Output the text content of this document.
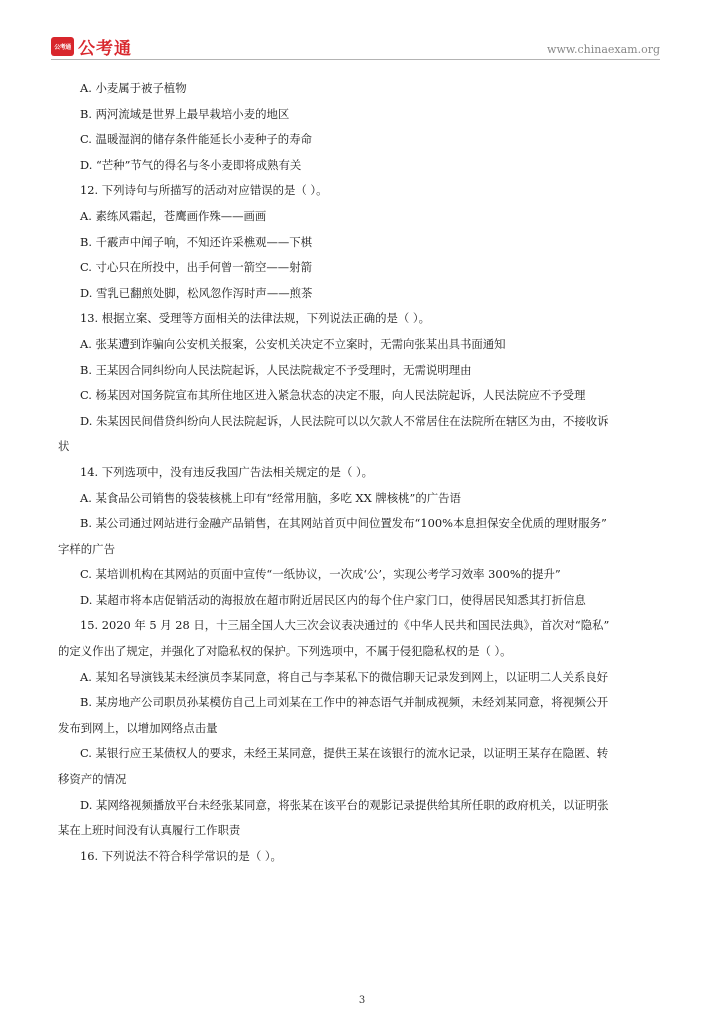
公考通 公考通	www.chinaexam.org

A. 小麦属于被子植物

B. 两河流域是世界上最早栽培小麦的地区

C. 温暖湿润的储存条件能延长小麦种子的寿命

D. “芒种”节气的得名与冬小麦即将成熟有关

12. 下列诗句与所描写的活动对应错误的是（ ）。

A. 素练风霜起，苍鹰画作殊——画画

B. 千霰声中闻子响，不知还许采樵观——下棋

C. 寸心只在所投中，出手何曾一箭空——射箭

D. 雪乳已翻煎处脚，松风忽作泻时声——煎茶

13. 根据立案、受理等方面相关的法律法规，下列说法正确的是（ ）。

A. 张某遭到诈骗向公安机关报案，公安机关决定不立案时，无需向张某出具书面通知

B. 王某因合同纠纷向人民法院起诉，人民法院裁定不予受理时，无需说明理由

C. 杨某因对国务院宣布其所住地区进入紧急状态的决定不服，向人民法院起诉，人民法院应不予受理

D. 朱某因民间借贷纠纷向人民法院起诉，人民法院可以以欠款人不常居住在法院所在辖区为由，不接收诉

状

14. 下列选项中，没有违反我国广告法相关规定的是（ ）。

A. 某食品公司销售的袋装核桃上印有“经常用脑，多吃 XX 牌核桃”的广告语

B. 某公司通过网站进行金融产品销售，在其网站首页中间位置发布“100%本息担保安全优质的理财服务”

字样的广告

C. 某培训机构在其网站的页面中宣传“一纸协议，一次成‘公’，实现公考学习效率 300%的提升”

D. 某超市将本店促销活动的海报放在超市附近居民区内的每个住户家门口，使得居民知悉其打折信息

15. 2020 年 5 月 28 日，十三届全国人大三次会议表决通过的《中华人民共和国民法典》，首次对“隐私”

的定义作出了规定，并强化了对隐私权的保护。下列选项中，不属于侵犯隐私权的是（ ）。

A. 某知名导演钱某未经演员李某同意，将自己与李某私下的微信聊天记录发到网上，以证明二人关系良好

B. 某房地产公司职员孙某模仿自己上司刘某在工作中的神态语气并制成视频，未经刘某同意，将视频公开

发布到网上，以增加网络点击量

C. 某银行应王某债权人的要求，未经王某同意，提供王某在该银行的流水记录，以证明王某存在隐匿、转

移资产的情况

D. 某网络视频播放平台未经张某同意，将张某在该平台的观影记录提供给其所任职的政府机关，以证明张

某在上班时间没有认真履行工作职责

16. 下列说法不符合科学常识的是（ ）。

3
